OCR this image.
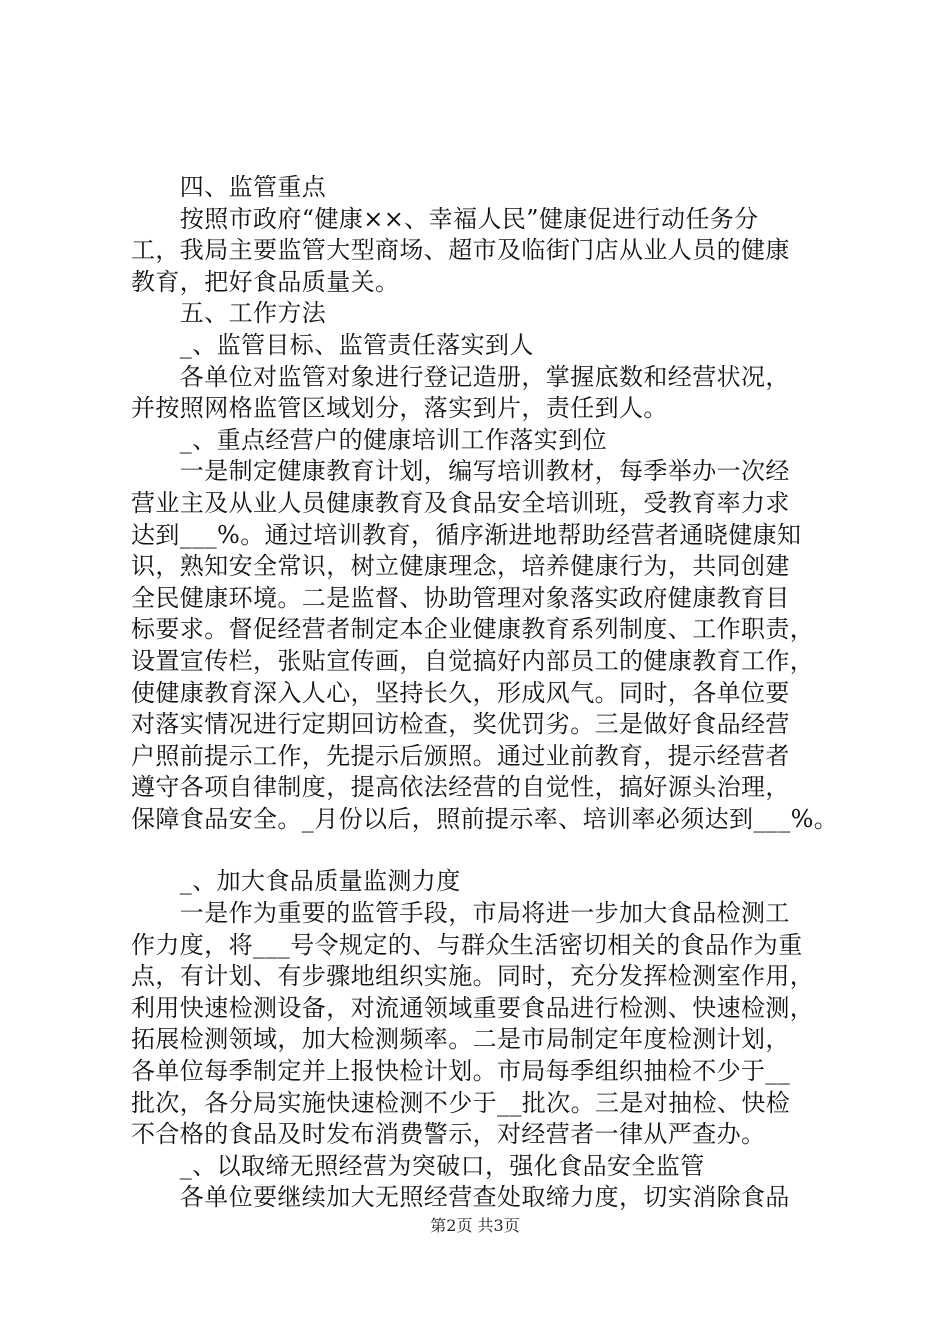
　　四、监管重点
　　按照市政府“健康××、幸福人民”健康促进行动任务分
工，我局主要监管大型商场、超市及临街门店从业人员的健康
教育，把好食品质量关。
　　五、工作方法
　　_、监管目标、监管责任落实到人
　　各单位对监管对象进行登记造册，掌握底数和经营状况，
并按照网格监管区域划分，落实到片，责任到人。
　　_、重点经营户的健康培训工作落实到位
　　一是制定健康教育计划，编写培训教材，每季举办一次经
营业主及从业人员健康教育及食品安全培训班，受教育率力求
达到___%。通过培训教育，循序渐进地帮助经营者通晓健康知
识，熟知安全常识，树立健康理念，培养健康行为，共同创建
全民健康环境。二是监督、协助管理对象落实政府健康教育目
标要求。督促经营者制定本企业健康教育系列制度、工作职责，
设置宣传栏，张贴宣传画，自觉搞好内部员工的健康教育工作，
使健康教育深入人心，坚持长久，形成风气。同时，各单位要
对落实情况进行定期回访检查，奖优罚劣。三是做好食品经营
户照前提示工作，先提示后颁照。通过业前教育，提示经营者
遵守各项自律制度，提高依法经营的自觉性，搞好源头治理，
保障食品安全。_月份以后，照前提示率、培训率必须达到___%。
　　_、加大食品质量监测力度
　　一是作为重要的监管手段，市局将进一步加大食品检测工
作力度，将___号令规定的、与群众生活密切相关的食品作为重
点，有计划、有步骤地组织实施。同时，充分发挥检测室作用，
利用快速检测设备，对流通领域重要食品进行检测、快速检测，
拓展检测领域，加大检测频率。二是市局制定年度检测计划，
各单位每季制定并上报快检计划。市局每季组织抽检不少于__
批次，各分局实施快速检测不少于__批次。三是对抽检、快检
不合格的食品及时发布消费警示，对经营者一律从严查办。
　　_、以取缔无照经营为突破口，强化食品安全监管
　　各单位要继续加大无照经营查处取缔力度，切实消除食品
第2页 共3页
